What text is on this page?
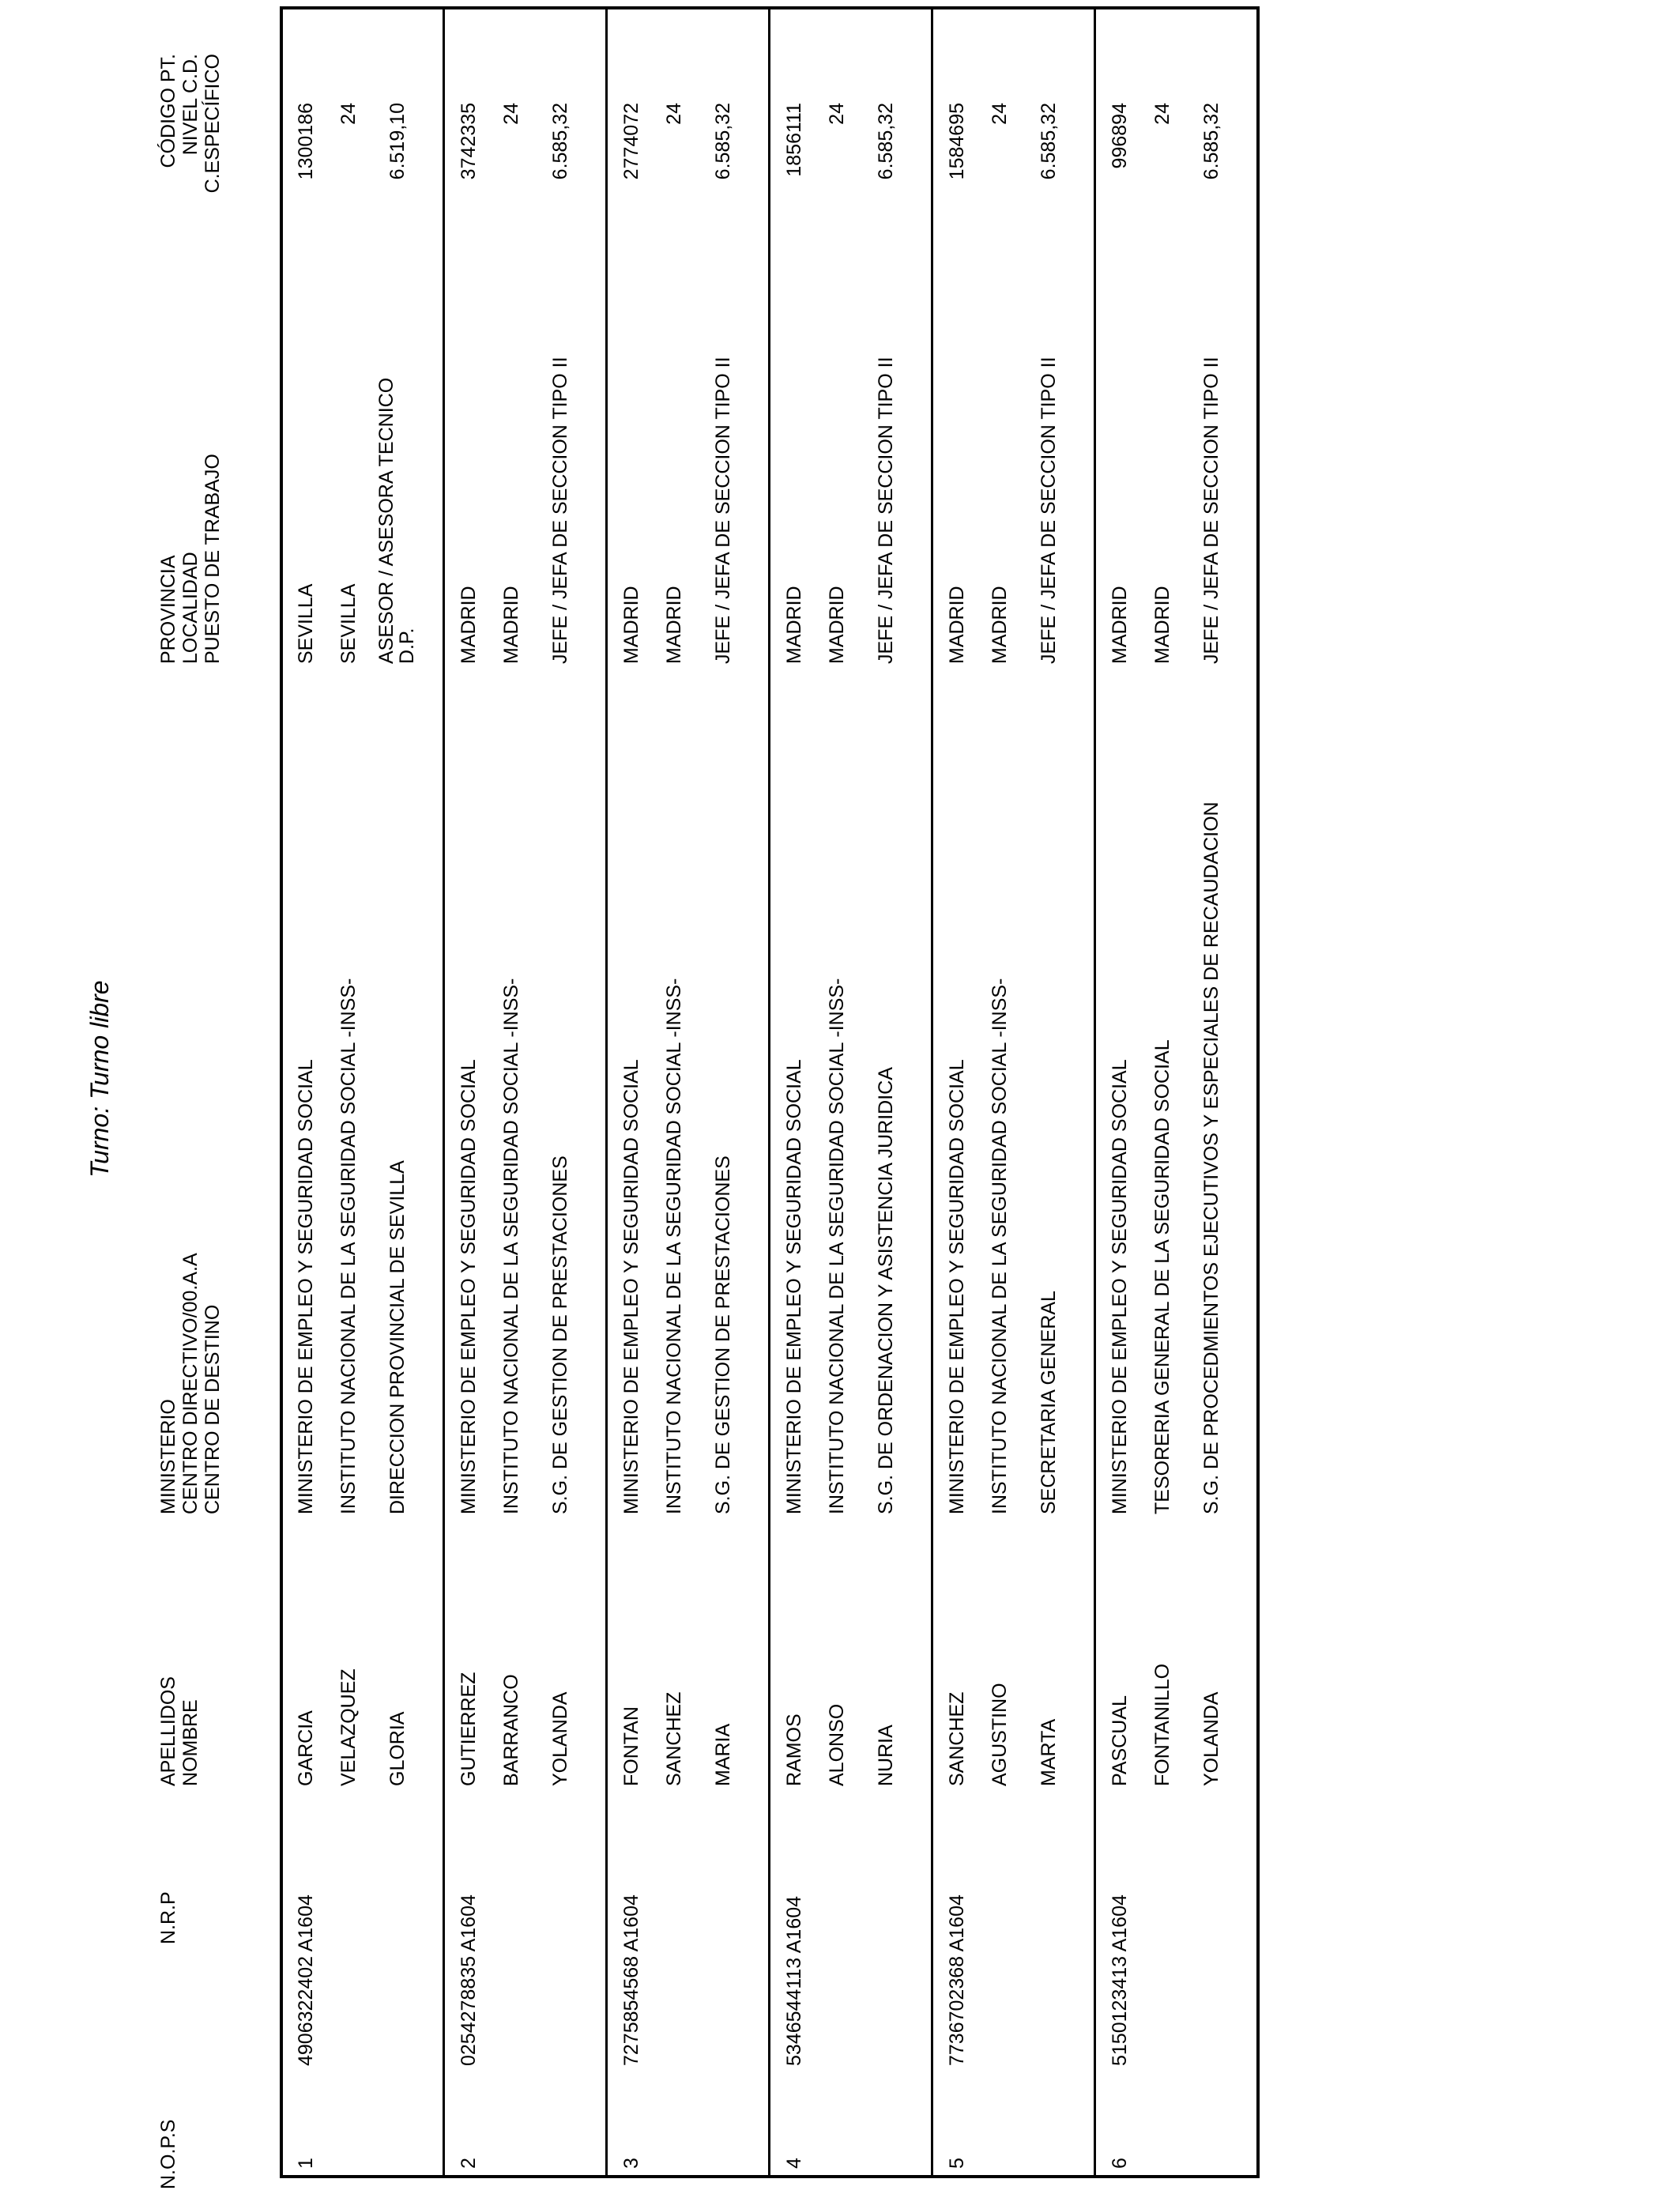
Turno: Turno libre
N.O.P.S
N.R.P
APELLIDOS NOMBRE
MINISTERIO CENTRO DIRECTIVO/00.A.A CENTRO DE DESTINO
PROVINCIA LOCALIDAD PUESTO DE TRABAJO
CÓDIGO PT. NIVEL C.D. C.ESPECÍFICO
1
4906322402 A1604
GARCIA VELAZQUEZ GLORIA
MINISTERIO DE EMPLEO Y SEGURIDAD SOCIAL INSTITUTO NACIONAL DE LA SEGURIDAD SOCIAL -INSS- DIRECCION PROVINCIAL DE SEVILLA
SEVILLA SEVILLA ASESOR / ASESORA TECNICO
D.P.
1300186 24 6.519,10
2
0254278835 A1604
GUTIERREZ BARRANCO YOLANDA
MINISTERIO DE EMPLEO Y SEGURIDAD SOCIAL INSTITUTO NACIONAL DE LA SEGURIDAD SOCIAL -INSS- S.G. DE GESTION DE PRESTACIONES
MADRID MADRID JEFE / JEFA DE SECCION TIPO II
3742335 24 6.585,32
3
7275854568 A1604
FONTAN SANCHEZ MARIA
MINISTERIO DE EMPLEO Y SEGURIDAD SOCIAL INSTITUTO NACIONAL DE LA SEGURIDAD SOCIAL -INSS- S.G. DE GESTION DE PRESTACIONES
MADRID MADRID JEFE / JEFA DE SECCION TIPO II
2774072 24 6.585,32
4
5346544113 A1604
RAMOS ALONSO NURIA
MINISTERIO DE EMPLEO Y SEGURIDAD SOCIAL INSTITUTO NACIONAL DE LA SEGURIDAD SOCIAL -INSS- S.G. DE ORDENACION Y ASISTENCIA JURIDICA
MADRID MADRID JEFE / JEFA DE SECCION TIPO II
1856111 24 6.585,32
5
7736702368 A1604
SANCHEZ AGUSTINO MARTA
MINISTERIO DE EMPLEO Y SEGURIDAD SOCIAL INSTITUTO NACIONAL DE LA SEGURIDAD SOCIAL -INSS- SECRETARIA GENERAL
MADRID MADRID JEFE / JEFA DE SECCION TIPO II
1584695 24 6.585,32
6
5150123413 A1604
PASCUAL FONTANILLO YOLANDA
MINISTERIO DE EMPLEO Y SEGURIDAD SOCIAL TESORERIA GENERAL DE LA SEGURIDAD SOCIAL S.G. DE PROCEDMIENTOS EJECUTIVOS Y ESPECIALES DE RECAUDACION
MADRID MADRID JEFE / JEFA DE SECCION TIPO II
996894 24 6.585,32
